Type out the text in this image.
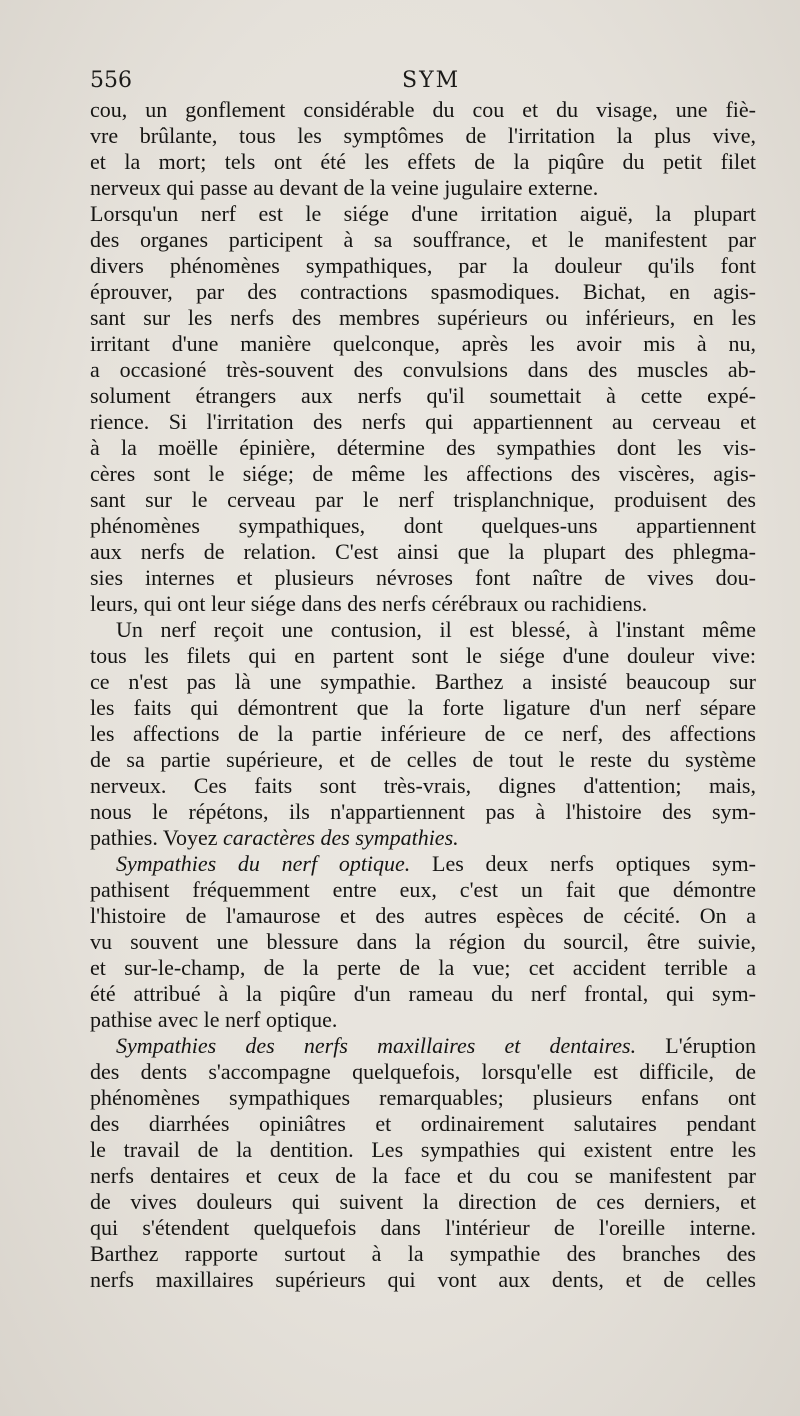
556	SYM
cou, un gonflement considérable du cou et du visage, une fiè-
vre brûlante, tous les symptômes de l'irritation la plus vive,
et la mort; tels ont été les effets de la piqûre du petit filet
nerveux qui passe au devant de la veine jugulaire externe.
Lorsqu'un nerf est le siége d'une irritation aiguë, la plupart
des organes participent à sa souffrance, et le manifestent par
divers phénomènes sympathiques, par la douleur qu'ils font
éprouver, par des contractions spasmodiques. Bichat, en agis-
sant sur les nerfs des membres supérieurs ou inférieurs, en les
irritant d'une manière quelconque, après les avoir mis à nu,
a occasioné très-souvent des convulsions dans des muscles ab-
solument étrangers aux nerfs qu'il soumettait à cette expé-
rience. Si l'irritation des nerfs qui appartiennent au cerveau et
à la moëlle épinière, détermine des sympathies dont les vis-
cères sont le siége; de même les affections des viscères, agis-
sant sur le cerveau par le nerf trisplanchnique, produisent des
phénomènes sympathiques, dont quelques-uns appartiennent
aux nerfs de relation. C'est ainsi que la plupart des phlegma-
sies internes et plusieurs névroses font naître de vives dou-
leurs, qui ont leur siége dans des nerfs cérébraux ou rachidiens.
Un nerf reçoit une contusion, il est blessé, à l'instant même
tous les filets qui en partent sont le siége d'une douleur vive:
ce n'est pas là une sympathie. Barthez a insisté beaucoup sur
les faits qui démontrent que la forte ligature d'un nerf sépare
les affections de la partie inférieure de ce nerf, des affections
de sa partie supérieure, et de celles de tout le reste du système
nerveux. Ces faits sont très-vrais, dignes d'attention; mais,
nous le répétons, ils n'appartiennent pas à l'histoire des sym-
pathies. Voyez caractères des sympathies.
Sympathies du nerf optique. Les deux nerfs optiques sym-
pathisent fréquemment entre eux, c'est un fait que démontre
l'histoire de l'amaurose et des autres espèces de cécité. On a
vu souvent une blessure dans la région du sourcil, être suivie,
et sur-le-champ, de la perte de la vue; cet accident terrible a
été attribué à la piqûre d'un rameau du nerf frontal, qui sym-
pathise avec le nerf optique.
Sympathies des nerfs maxillaires et dentaires. L'éruption
des dents s'accompagne quelquefois, lorsqu'elle est difficile, de
phénomènes sympathiques remarquables; plusieurs enfans ont
des diarrhées opiniâtres et ordinairement salutaires pendant
le travail de la dentition. Les sympathies qui existent entre les
nerfs dentaires et ceux de la face et du cou se manifestent par
de vives douleurs qui suivent la direction de ces derniers, et
qui s'étendent quelquefois dans l'intérieur de l'oreille interne.
Barthez rapporte surtout à la sympathie des branches des
nerfs maxillaires supérieurs qui vont aux dents, et de celles
